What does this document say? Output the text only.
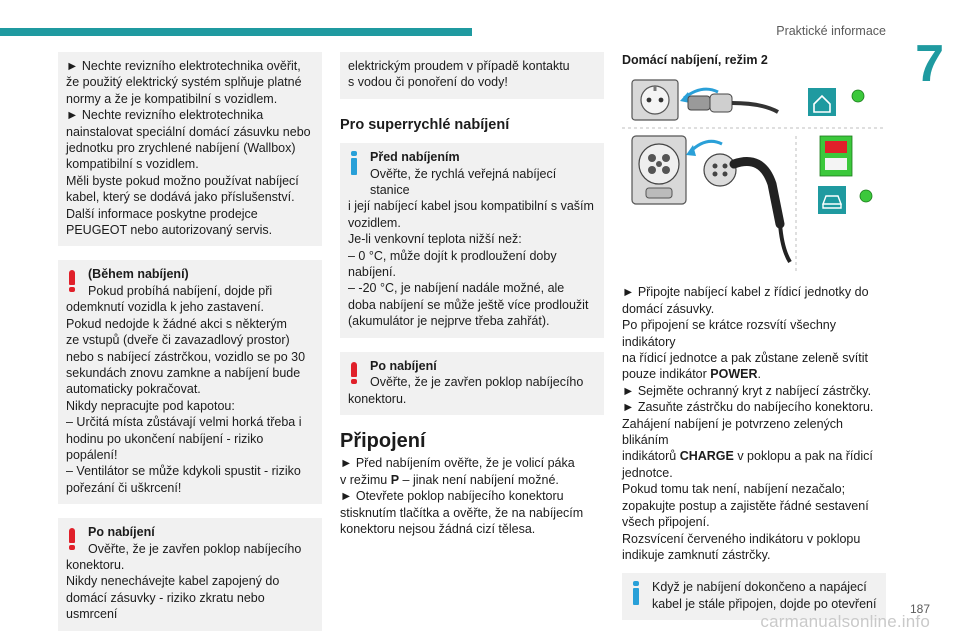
Praktické informace
7
► Nechte revizního elektrotechnika ověřit,
že použitý elektrický systém splňuje platné
normy a že je kompatibilní s vozidlem.
► Nechte revizního elektrotechnika
nainstalovat speciální domácí zásuvku nebo
jednotku pro zrychlené nabíjení (Wallbox)
kompatibilní s vozidlem.
Měli byste pokud možno používat nabíjecí
kabel, který se dodává jako příslušenství.
Další informace poskytne prodejce
PEUGEOT nebo autorizovaný servis.
(Během nabíjení)
Pokud probíhá nabíjení, dojde při
odemknutí vozidla k jeho zastavení.
Pokud nedojde k žádné akci s některým
ze vstupů (dveře či zavazadlový prostor)
nebo s nabíjecí zástrčkou, vozidlo se po 30
sekundách znovu zamkne a nabíjení bude
automaticky pokračovat.
Nikdy nepracujte pod kapotou:
– Určitá místa zůstávají velmi horká třeba i
hodinu po ukončení nabíjení - riziko popálení!
– Ventilátor se může kdykoli spustit - riziko
pořezání či uškrcení!
Po nabíjení
Ověřte, že je zavřen poklop nabíjecího
konektoru.
Nikdy nenechávejte kabel zapojený do
domácí zásuvky - riziko zkratu nebo usmrcení
elektrickým proudem v případě kontaktu
s vodou či ponoření do vody!
Pro superrychlé nabíjení
Před nabíjením
Ověřte, že rychlá veřejná nabíjecí stanice
i její nabíjecí kabel jsou kompatibilní s vaším
vozidlem.
Je-li venkovní teplota nižší než:
– 0 °C, může dojít k prodloužení doby
nabíjení.
– -20 °C, je nabíjení nadále možné, ale
doba nabíjení se může ještě více prodloužit
(akumulátor je nejprve třeba zahřát).
Po nabíjení
Ověřte, že je zavřen poklop nabíjecího
konektoru.
Připojení
► Před nabíjením ověřte, že je volicí páka
v režimu P – jinak není nabíjení možné.
► Otevřete poklop nabíjecího konektoru
stisknutím tlačítka a ověřte, že na nabíjecím
konektoru nejsou žádná cizí tělesa.
Domácí nabíjení, režim 2
► Připojte nabíjecí kabel z řídicí jednotky do
domácí zásuvky.
Po připojení se krátce rozsvítí všechny indikátory
na řídicí jednotce a pak zůstane zeleně svítit
pouze indikátor POWER.
► Sejměte ochranný kryt z nabíjecí zástrčky.
► Zasuňte zástrčku do nabíjecího konektoru.
Zahájení nabíjení je potvrzeno zelených blikáním
indikátorů CHARGE v poklopu a pak na řídicí
jednotce.
Pokud tomu tak není, nabíjení nezačalo;
zopakujte postup a zajistěte řádné sestavení
všech připojení.
Rozsvícení červeného indikátoru v poklopu
indikuje zamknutí zástrčky.
Když je nabíjení dokončeno a napájecí
kabel je stále připojen, dojde po otevření
carmanualsonline.info
187
